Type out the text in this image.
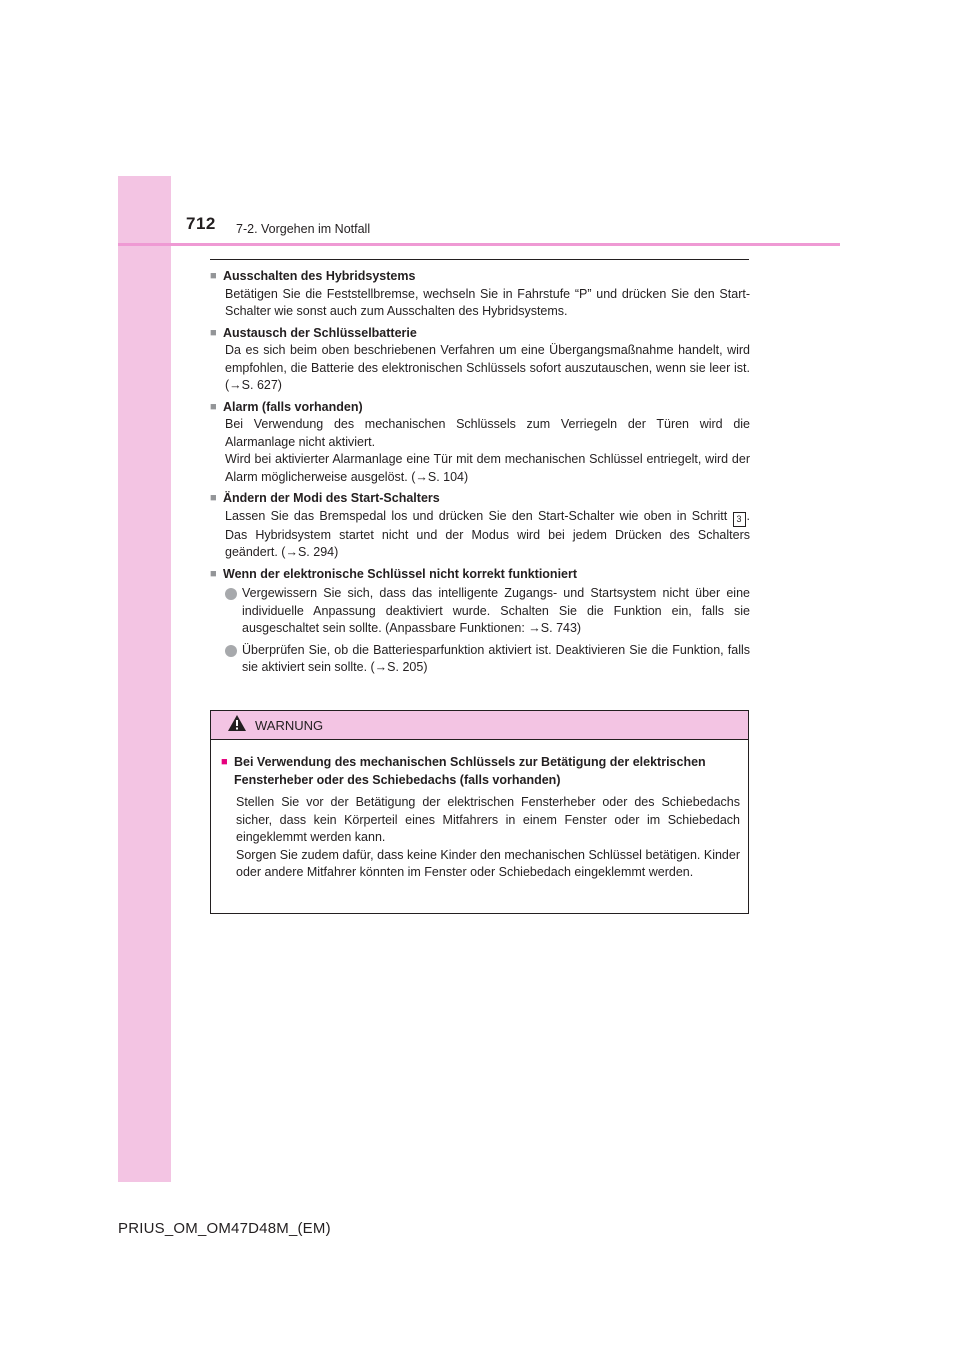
712 7-2. Vorgehen im Notfall
■ Ausschalten des Hybridsystems

Betätigen Sie die Feststellbremse, wechseln Sie in Fahrstufe “P” und drücken Sie den Start-Schalter wie sonst auch zum Ausschalten des Hybridsystems.

■ Austausch der Schlüsselbatterie

Da es sich beim oben beschriebenen Verfahren um eine Übergangsmaßnahme handelt, wird empfohlen, die Batterie des elektronischen Schlüssels sofort auszutauschen, wenn sie leer ist. (→S. 627)

■ Alarm (falls vorhanden)

Bei Verwendung des mechanischen Schlüssels zum Verriegeln der Türen wird die Alarmanlage nicht aktiviert.

Wird bei aktivierter Alarmanlage eine Tür mit dem mechanischen Schlüssel entriegelt, wird der Alarm möglicherweise ausgelöst. (→S. 104)

■ Ändern der Modi des Start-Schalters

Lassen Sie das Bremspedal los und drücken Sie den Start-Schalter wie oben in Schritt 3 . Das Hybridsystem startet nicht und der Modus wird bei jedem Drücken des Schalters geändert. (→S. 294)

■ Wenn der elektronische Schlüssel nicht korrekt funktioniert
Vergewissern Sie sich, dass das intelligente Zugangs- und Startsystem nicht über eine individuelle Anpassung deaktiviert wurde. Schalten Sie die Funktion ein, falls sie ausgeschaltet sein sollte. (Anpassbare Funktionen: →S. 743)
Überprüfen Sie, ob die Batteriesparfunktion aktiviert ist. Deaktivieren Sie die Funktion, falls sie aktiviert sein sollte. (→S. 205)
WARNUNG
■ Bei Verwendung des mechanischen Schlüssels zur Betätigung der elektrischen Fensterheber oder des Schiebedachs (falls vorhanden)

Stellen Sie vor der Betätigung der elektrischen Fensterheber oder des Schiebedachs sicher, dass kein Körperteil eines Mitfahrers in einem Fenster oder im Schiebedach eingeklemmt werden kann.

Sorgen Sie zudem dafür, dass keine Kinder den mechanischen Schlüssel betätigen. Kinder oder andere Mitfahrer könnten im Fenster oder Schiebedach eingeklemmt werden.

PRIUS_OM_OM47D48M_(EM)
